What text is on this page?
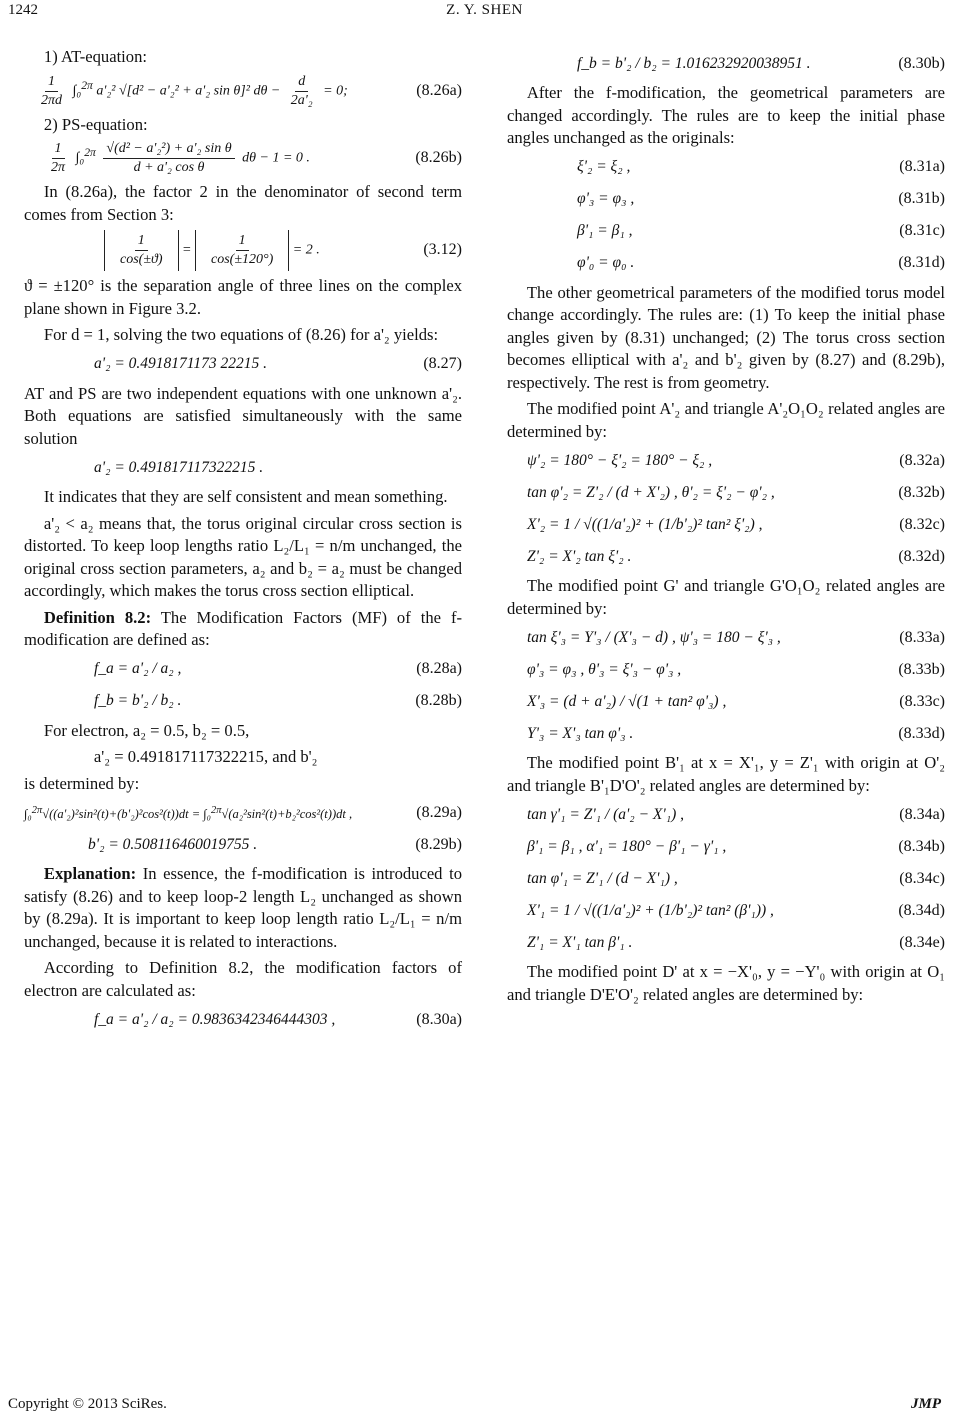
1242	Z. Y. SHEN

1) AT-equation:

$\frac{1}{2\pi d} \int_0^{2\pi}$ a'₂² √[d² − a'₂² + a'₂ sin θ]² $d\theta - \frac{d}{\text{2a'₂}} = 0$;	(8.26a)

2) PS-equation:

$\frac{1}{2\pi} \int_0^{2\pi} \frac{\text{√(d² − a'₂²) + a'₂ sin θ}}{\text{d + a'₂ cos θ}}$ dθ − 1 = 0 .	(8.26b)

In (8.26a), the factor 2 in the denominator of second term comes from Section 3:

$\frac{1}{\cos(\pm ϑ)} = \frac{1}{\cos(\pm 120^\circ)} = 2$ .	(3.12)

ϑ = ±120° is the separation angle of three lines on the complex plane shown in Figure 3.2.

For d = 1, solving the two equations of (8.26) for a'₂ yields:

a'₂ = 0.4918171173 22215 .	(8.27)

AT and PS are two independent equations with one unknown a'₂. Both equations are satisfied simultaneously with the same solution

a'₂ = 0.491817117322215 .

It indicates that they are self consistent and mean something.

a'₂ < a₂ means that, the torus original circular cross section is distorted. To keep loop lengths ratio L₂/L₁ = n/m unchanged, the original cross section parameters, a₂ and b₂ = a₂ must be changed accordingly, which makes the torus cross section elliptical.

Definition 8.2: The Modification Factors (MF) of the f-modification are defined as:

f_a = a'₂ / a₂ ,	(8.28a)
f_b = b'₂ / b₂ .	(8.28b)

For electron, a₂ = 0.5, b₂ = 0.5,

a'₂ = 0.491817117322215, and b'₂

is determined by:

∫₀$^{2\pi}$√((a'₂)²sin²(t)+(b'₂)²cos²(t))dt = ∫₀$^{2\pi}$√(a₂²sin²(t)+b₂²cos²(t))dt ,	(8.29a)
b'₂ = 0.508116460019755 .	(8.29b)

Explanation: In essence, the f-modification is introduced to satisfy (8.26) and to keep loop-2 length L₂ unchanged as shown by (8.29a). It is important to keep loop length ratio L₂/L₁ = n/m unchanged, because it is related to interactions.

According to Definition 8.2, the modification factors of electron are calculated as:

f_a = a'₂ / a₂ = 0.9836342346444303 ,	(8.30a)
f_b = b'₂ / b₂ = 1.016232920038951 .	(8.30b)

After the f-modification, the geometrical parameters are changed accordingly. The rules are to keep the initial phase angles unchanged as the originals:

ξ'₂ = ξ₂ ,	(8.31a)
φ'₃ = φ₃ ,	(8.31b)
β'₁ = β₁ ,	(8.31c)
φ'₀ = φ₀ .	(8.31d)

The other geometrical parameters of the modified torus model change accordingly. The rules are: (1) To keep the initial phase angles given by (8.31) unchanged; (2) The torus cross section becomes elliptical with a'₂ and b'₂ given by (8.27) and (8.29b), respectively. The rest is from geometry.

The modified point A'₂ and triangle A'₂O₁O₂ related angles are determined by:

ψ'₂ = 180° − ξ'₂ = 180° − ξ₂ ,	(8.32a)
tan φ'₂ = Z'₂ / (d + X'₂) , θ'₂ = ξ'₂ − φ'₂ ,	(8.32b)
X'₂ = 1 / √((1/a'₂)² + (1/b'₂)² tan² ξ'₂) ,	(8.32c)
Z'₂ = X'₂ tan ξ'₂ .	(8.32d)

The modified point G' and triangle G'O₁O₂ related angles are determined by:

tan ξ'₃ = Y'₃ / (X'₃ − d) , ψ'₃ = 180 − ξ'₃ ,	(8.33a)
φ'₃ = φ₃ , θ'₃ = ξ'₃ − φ'₃ ,	(8.33b)
X'₃ = (d + a'₂) / √(1 + tan² φ'₃) ,	(8.33c)
Y'₃ = X'₃ tan φ'₃ .	(8.33d)

The modified point B'₁ at x = X'₁, y = Z'₁ with origin at O'₂ and triangle B'₁D'O'₂ related angles are determined by:

tan γ'₁ = Z'₁ / (a'₂ − X'₁) ,	(8.34a)
β'₁ = β₁ , α'₁ = 180° − β'₁ − γ'₁ ,	(8.34b)
tan φ'₁ = Z'₁ / (d − X'₁) ,	(8.34c)
X'₁ = 1 / √((1/a'₂)² + (1/b'₂)² tan² (β'₁)) ,	(8.34d)
Z'₁ = X'₁ tan β'₁ .	(8.34e)

The modified point D' at x = −X'₀, y = −Y'₀ with origin at O₁ and triangle D'E'O'₂ related angles are determined by:

Copyright © 2013 SciRes.	JMP
